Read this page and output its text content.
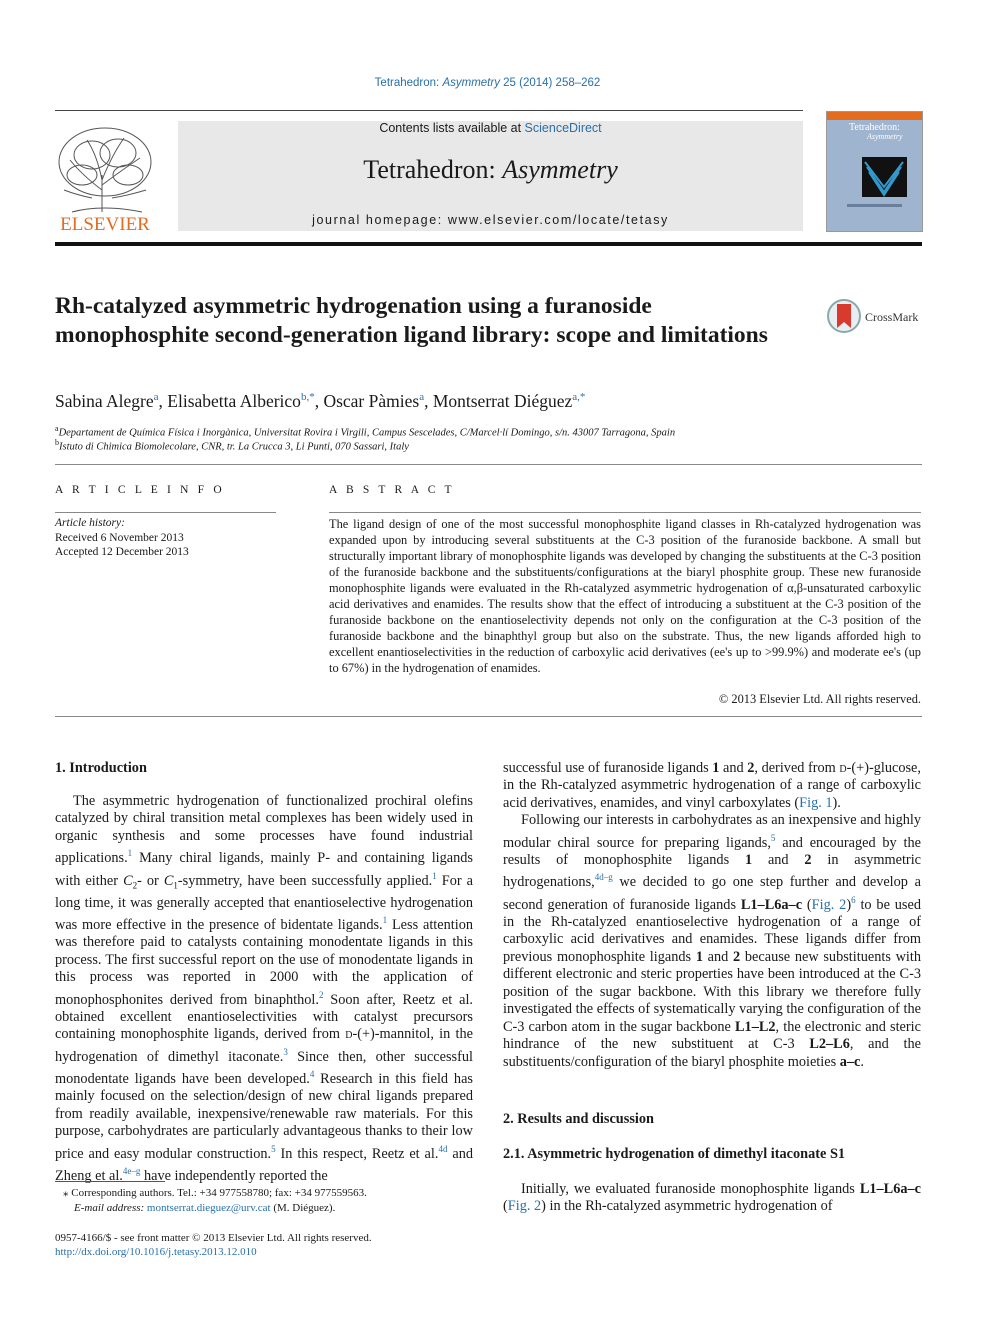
Tetrahedron: Asymmetry 25 (2014) 258–262
ELSEVIER
Contents lists available at ScienceDirect
Tetrahedron: Asymmetry
journal homepage: www.elsevier.com/locate/tetasy
Tetrahedron:
Asymmetry
Rh-catalyzed asymmetric hydrogenation using a furanoside monophosphite second-generation ligand library: scope and limitations
CrossMark
Sabina Alegre$^a$, Elisabetta Alberico$^{b,*}$, Oscar Pàmies$^a$, Montserrat Diéguez$^{a,*}$
$^a$Departament de Química Física i Inorgànica, Universitat Rovira i Virgili, Campus Sescelades, C/Marcel·lí Domingo, s/n. 43007 Tarragona, Spain
$^b$Istuto di Chimica Biomolecolare, CNR, tr. La Crucca 3, Li Punti, 070 Sassari, Italy
A R T I C L E I N F O	A B S T R A C T
Article history:
Received 6 November 2013
Accepted 12 December 2013
The ligand design of one of the most successful monophosphite ligand classes in Rh-catalyzed hydrogenation was expanded upon by introducing several substituents at the C-3 position of the furanoside backbone. A small but structurally important library of monophosphite ligands was developed by changing the substituents at the C-3 position of the furanoside backbone and the substituents/configurations at the biaryl phosphite group. These new furanoside monophosphite ligands were evaluated in the Rh-catalyzed asymmetric hydrogenation of α,β-unsaturated carboxylic acid derivatives and enamides. The results show that the effect of introducing a substituent at the C-3 position of the furanoside backbone on the enantioselectivity depends not only on the configuration at the C-3 position of the furanoside backbone and the binaphthyl group but also on the substrate. Thus, the new ligands afforded high to excellent enantioselectivities in the reduction of carboxylic acid derivatives (ee's up to >99.9%) and moderate ee's (up to 67%) in the hydrogenation of enamides.
© 2013 Elsevier Ltd. All rights reserved.
1. Introduction

The asymmetric hydrogenation of functionalized prochiral olefins catalyzed by chiral transition metal complexes has been widely used in organic synthesis and some processes have found industrial applications.$^1$ Many chiral ligands, mainly P- and containing ligands with either $C_2-$ or $C_1$-symmetry, have been successfully applied.$^1$ For a long time, it was generally accepted that enantioselective hydrogenation was more effective in the presence of bidentate ligands.$^1$ Less attention was therefore paid to catalysts containing monodentate ligands in this process. The first successful report on the use of monodentate ligands in this process was reported in 2000 with the application of monophosphonites derived from binaphthol.$^2$ Soon after, Reetz et al. obtained excellent enantioselectivities with catalyst precursors containing monophosphite ligands, derived from d-(+)-mannitol, in the hydrogenation of dimethyl itaconate.$^3$ Since then, other successful monodentate ligands have been developed.$^4$ Research in this field has mainly focused on the selection/design of new chiral ligands prepared from readily available, inexpensive/renewable raw materials. For this purpose, carbohydrates are particularly advantageous thanks to their low price and easy modular construction.$^5$ In this respect, Reetz et al.$^{4d}$ and Zheng et al.$^{4e-g}$ have independently reported the

⁎ Corresponding authors. Tel.: +34 977558780; fax: +34 977559563.
E-mail address: montserrat.dieguez@urv.cat (M. Diéguez).
0957-4166/$ - see front matter © 2013 Elsevier Ltd. All rights reserved.
http://dx.doi.org/10.1016/j.tetasy.2013.12.010

successful use of furanoside ligands 1 and 2, derived from d-(+)-glucose, in the Rh-catalyzed asymmetric hydrogenation of a range of carboxylic acid derivatives, enamides, and vinyl carboxylates (Fig. 1).

Following our interests in carbohydrates as an inexpensive and highly modular chiral source for preparing ligands,$^5$ and encouraged by the results of monophosphite ligands 1 and 2 in asymmetric hydrogenations,$^{4d-g}$ we decided to go one step further and develop a second generation of furanoside ligands L1–L6a–c (Fig. 2)$^6$ to be used in the Rh-catalyzed enantioselective hydrogenation of a range of carboxylic acid derivatives and enamides. These ligands differ from previous monophosphite ligands 1 and 2 because new substituents with different electronic and steric properties have been introduced at the C-3 position of the sugar backbone. With this library we therefore fully investigated the effects of systematically varying the configuration of the C-3 carbon atom in the sugar backbone L1–L2, the electronic and steric hindrance of the new substituent at C-3 L2–L6, and the substituents/configuration of the biaryl phosphite moieties a–c.

2. Results and discussion
2.1. Asymmetric hydrogenation of dimethyl itaconate S1

Initially, we evaluated furanoside monophosphite ligands L1–L6a–c (Fig. 2) in the Rh-catalyzed asymmetric hydrogenation of
